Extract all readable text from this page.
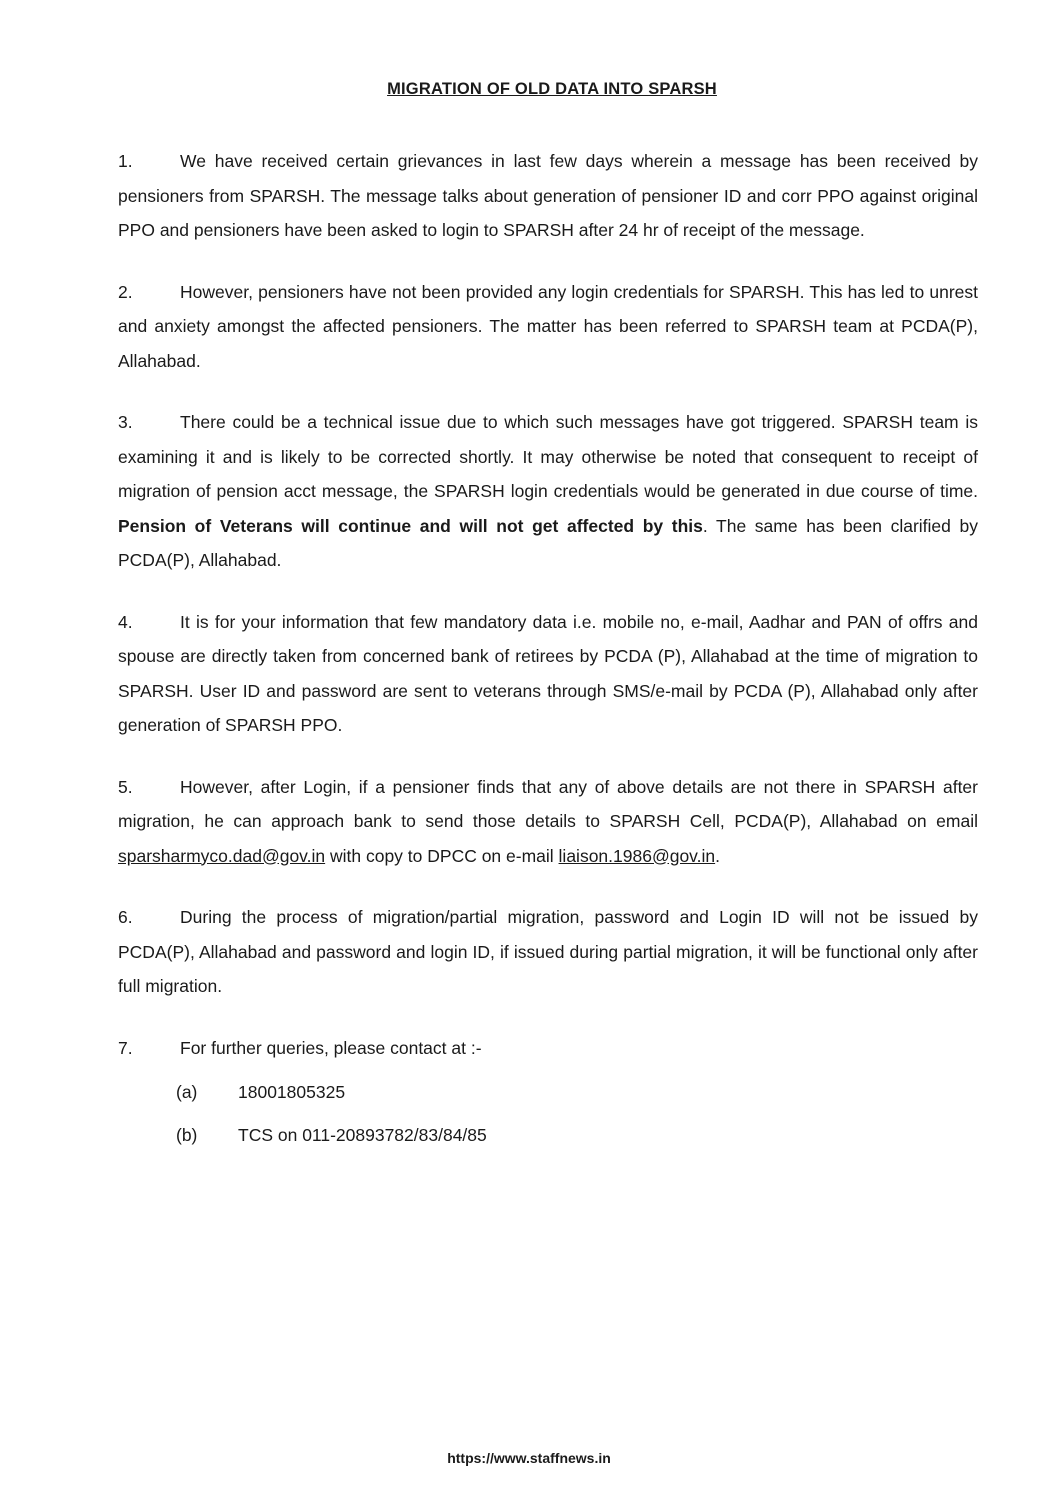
MIGRATION OF OLD DATA INTO SPARSH

1.	We have received certain grievances in last few days wherein a message has been received by pensioners from SPARSH. The message talks about generation of pensioner ID and corr PPO against original PPO and pensioners have been asked to login to SPARSH after 24 hr of receipt of the message.

2.	However, pensioners have not been provided any login credentials for SPARSH. This has led to unrest and anxiety amongst the affected pensioners. The matter has been referred to SPARSH team at PCDA(P), Allahabad.

3.	There could be a technical issue due to which such messages have got triggered. SPARSH team is examining it and is likely to be corrected shortly. It may otherwise be noted that consequent to receipt of migration of pension acct message, the SPARSH login credentials would be generated in due course of time. Pension of Veterans will continue and will not get affected by this. The same has been clarified by PCDA(P), Allahabad.

4.	It is for your information that few mandatory data i.e. mobile no, e-mail, Aadhar and PAN of offrs and spouse are directly taken from concerned bank of retirees by PCDA (P), Allahabad at the time of migration to SPARSH. User ID and password are sent to veterans through SMS/e-mail by PCDA (P), Allahabad only after generation of SPARSH PPO.

5.	However, after Login, if a pensioner finds that any of above details are not there in SPARSH after migration, he can approach bank to send those details to SPARSH Cell, PCDA(P), Allahabad on email sparsharmyco.dad@gov.in with copy to DPCC on e-mail liaison.1986@gov.in.

6.	During the process of migration/partial migration, password and Login ID will not be issued by PCDA(P), Allahabad and password and login ID, if issued during partial migration, it will be functional only after full migration.

7.	For further queries, please contact at :-

(a) 18001805325
(b) TCS on 011-20893782/83/84/85
https://www.staffnews.in
